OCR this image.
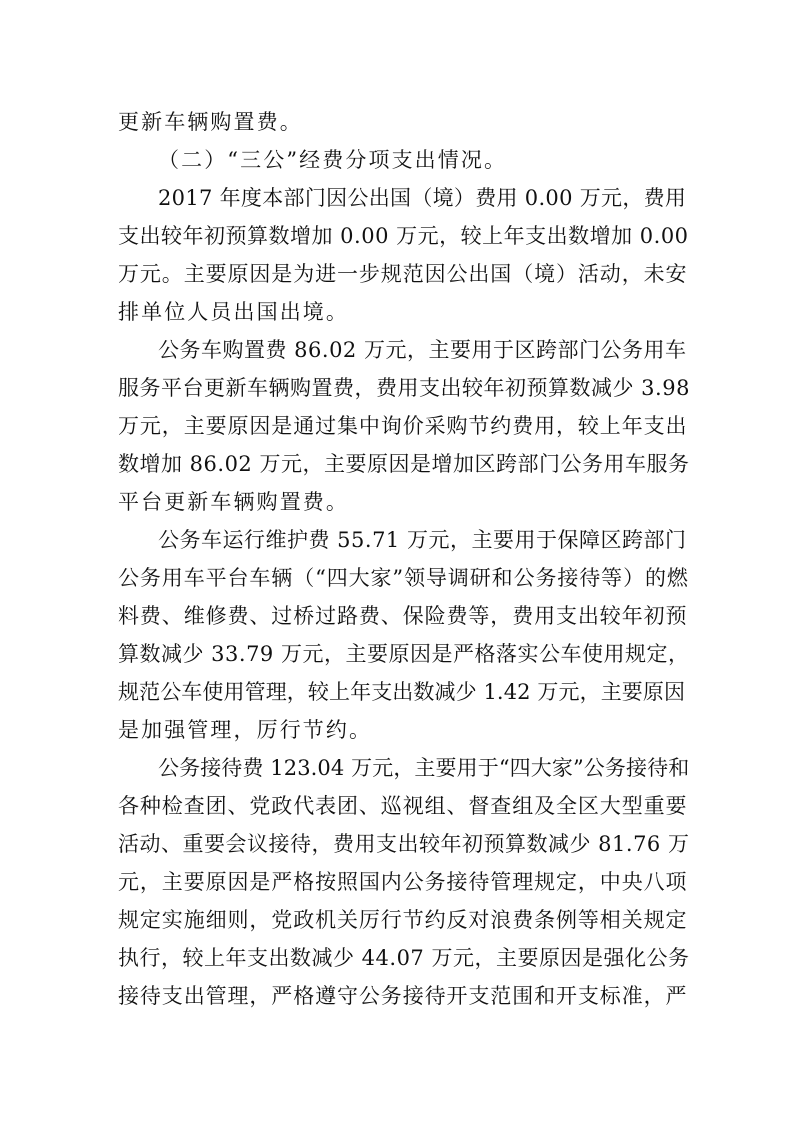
更新车辆购置费。

（二）“三公”经费分项支出情况。

2017 年度本部门因公出国（境）费用 0.00 万元，费用

支出较年初预算数增加 0.00 万元，较上年支出数增加 0.00

万元。主要原因是为进一步规范因公出国（境）活动，未安

排单位人员出国出境。

公务车购置费 86.02 万元，主要用于区跨部门公务用车

服务平台更新车辆购置费，费用支出较年初预算数减少 3.98

万元，主要原因是通过集中询价采购节约费用，较上年支出

数增加 86.02 万元，主要原因是增加区跨部门公务用车服务

平台更新车辆购置费。

公务车运行维护费 55.71 万元，主要用于保障区跨部门

公务用车平台车辆（“四大家”领导调研和公务接待等）的燃

料费、维修费、过桥过路费、保险费等，费用支出较年初预

算数减少 33.79 万元，主要原因是严格落实公车使用规定，

规范公车使用管理，较上年支出数减少 1.42 万元，主要原因

是加强管理，厉行节约。

公务接待费 123.04 万元，主要用于“四大家”公务接待和

各种检查团、党政代表团、巡视组、督查组及全区大型重要

活动、重要会议接待，费用支出较年初预算数减少 81.76 万

元，主要原因是严格按照国内公务接待管理规定，中央八项

规定实施细则，党政机关厉行节约反对浪费条例等相关规定

执行，较上年支出数减少 44.07 万元，主要原因是强化公务

接待支出管理，严格遵守公务接待开支范围和开支标准，严
